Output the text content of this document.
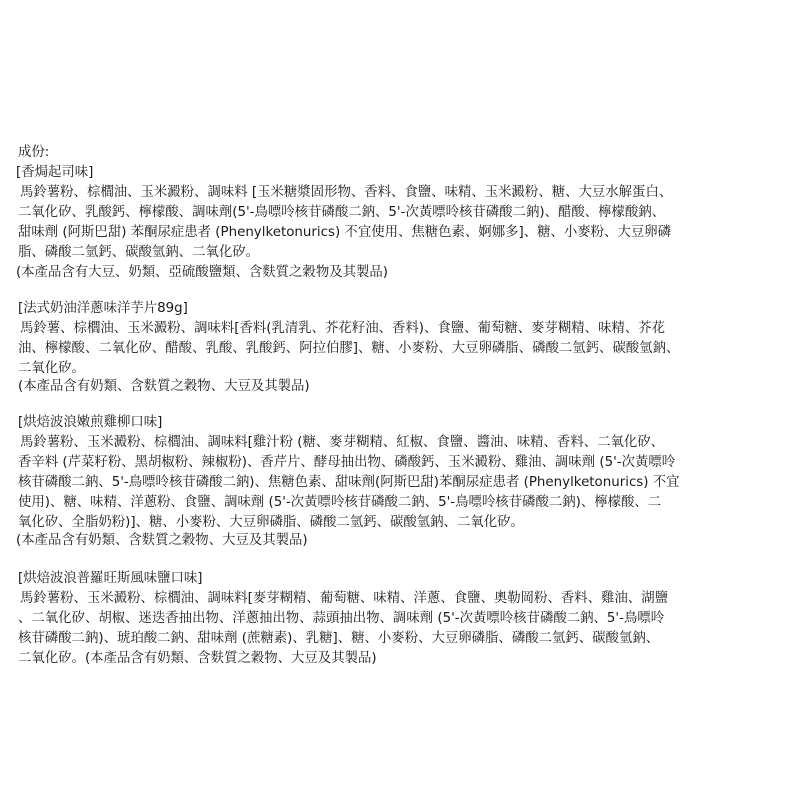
成份:
[香焗起司味]
馬鈴薯粉、棕櫚油、玉米澱粉、調味料 [玉米糖漿固形物、香料、食鹽、味精、玉米澱粉、糖、大豆水解蛋白、
二氧化矽、乳酸鈣、檸檬酸、調味劑(5'-鳥嘌呤核苷磷酸二鈉、5'-次黃嘌呤核苷磷酸二鈉)、醋酸、檸檬酸鈉、
甜味劑 (阿斯巴甜) 苯酮尿症患者 (Phenylketonurics) 不宜使用、焦糖色素、婀娜多]、糖、小麥粉、大豆卵磷
脂、磷酸二氫鈣、碳酸氫鈉、二氧化矽。
(本產品含有大豆、奶類、亞硫酸鹽類、含麩質之穀物及其製品)
[法式奶油洋蔥味洋芋片89g]
馬鈴薯、棕櫚油、玉米澱粉、調味料[香料(乳清乳、芥花籽油、香料)、食鹽、葡萄糖、麥芽糊精、味精、芥花
油、檸檬酸、二氧化矽、醋酸、乳酸、乳酸鈣、阿拉伯膠]、糖、小麥粉、大豆卵磷脂、磷酸二氫鈣、碳酸氫鈉、
二氧化矽。
(本產品含有奶類、含麩質之穀物、大豆及其製品)
[烘焙波浪嫩煎雞柳口味]
馬鈴薯粉、玉米澱粉、棕櫚油、調味料[雞汁粉 (糖、麥芽糊精、紅椒、食鹽、醬油、味精、香料、二氧化矽、
香辛料 (芹菜籽粉、黑胡椒粉、辣椒粉)、香芹片、酵母抽出物、磷酸鈣、玉米澱粉、雞油、調味劑 (5'-次黃嘌呤
核苷磷酸二鈉、5'-鳥嘌呤核苷磷酸二鈉)、焦糖色素、甜味劑(阿斯巴甜)苯酮尿症患者 (Phenylketonurics) 不宜
使用)、糖、味精、洋蔥粉、食鹽、調味劑 (5'-次黃嘌呤核苷磷酸二鈉、5'-鳥嘌呤核苷磷酸二鈉)、檸檬酸、二
氧化矽、全脂奶粉)]、糖、小麥粉、大豆卵磷脂、磷酸二氫鈣、碳酸氫鈉、二氧化矽。
(本產品含有奶類、含麩質之穀物、大豆及其製品)
[烘焙波浪普羅旺斯風味鹽口味]
馬鈴薯粉、玉米澱粉、棕櫚油、調味料[麥芽糊精、葡萄糖、味精、洋蔥、食鹽、奧勒岡粉、香料、雞油、湖鹽
、二氧化矽、胡椒、迷迭香抽出物、洋蔥抽出物、蒜頭抽出物、調味劑 (5'-次黃嘌呤核苷磷酸二鈉、5'-鳥嘌呤
核苷磷酸二鈉)、琥珀酸二鈉、甜味劑 (蔗糖素)、乳糖]、糖、小麥粉、大豆卵磷脂、磷酸二氫鈣、碳酸氫鈉、
二氧化矽。(本產品含有奶類、含麩質之穀物、大豆及其製品)
